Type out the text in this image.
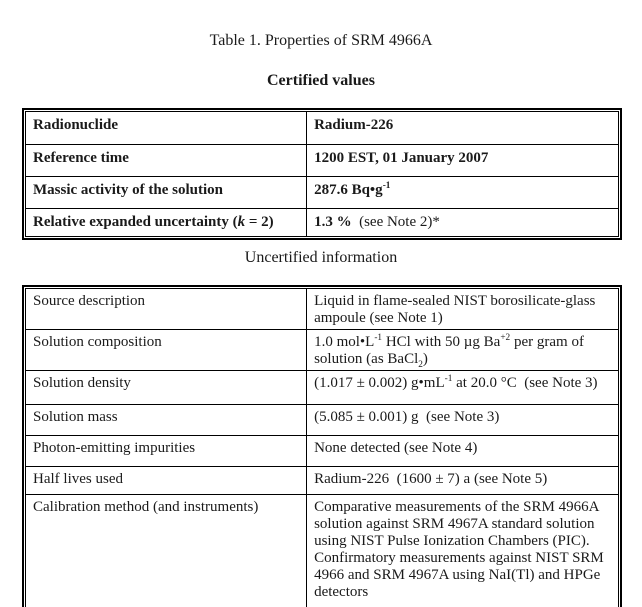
Table 1. Properties of SRM 4966A
Certified values
Radionuclide	Radium-226
Reference time	1200 EST, 01 January 2007
Massic activity of the solution	287.6 $Bq•g^{-1}$
Relative expanded uncertainty (k = 2)	1.3 %  (see Note 2)*
Uncertified information
Source description	Liquid in flame-sealed NIST borosilicate-glass ampoule (see Note 1)
Solution composition	1.0 $mol•L^{-1}$ HCl with 50 µg $Ba^{+2}$ per gram of solution (as BaCl$_2$)
Solution density	(1.017 ± 0.002) $g•mL^{-1}$ at 20.0 °C  (see Note 3)
Solution mass	(5.085 ± 0.001) g  (see Note 3)
Photon-emitting impurities	None detected (see Note 4)
Half lives used	Radium-226  (1600 ± 7) a (see Note 5)
Calibration method (and instruments)	Comparative measurements of the SRM 4966A solution against SRM 4967A standard solution using NIST Pulse Ionization Chambers (PIC).  Confirmatory measurements against NIST SRM 4966 and SRM 4967A using NaI(Tl) and HPGe detectors
